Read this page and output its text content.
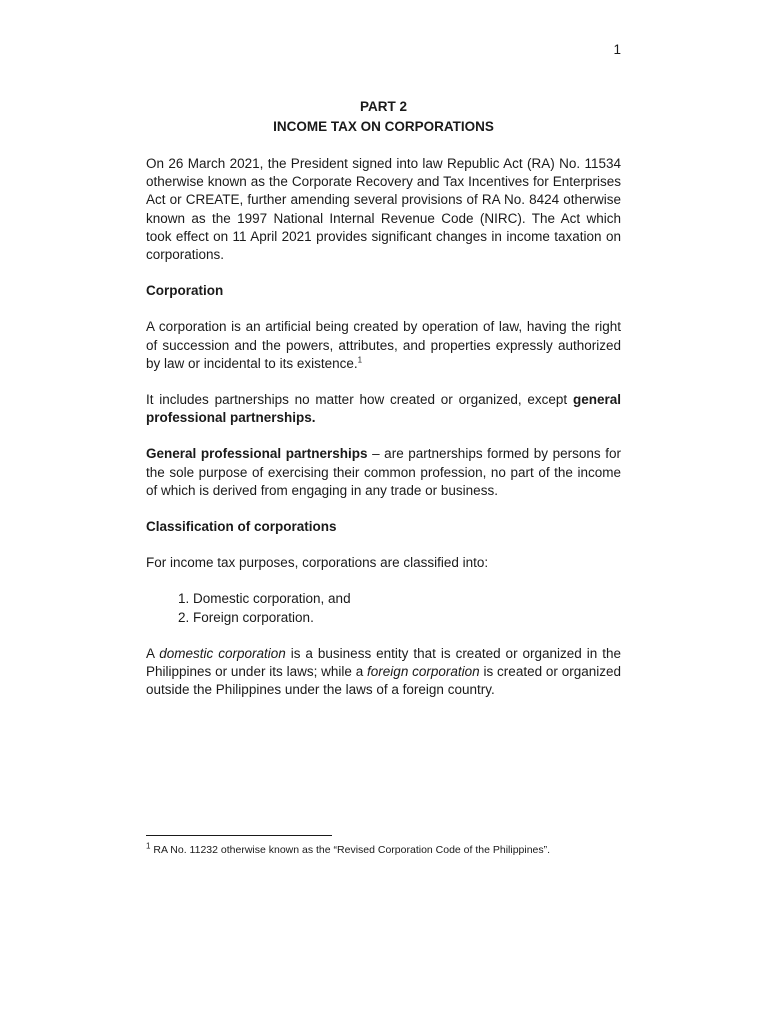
1
PART 2
INCOME TAX ON CORPORATIONS

On 26 March 2021, the President signed into law Republic Act (RA) No. 11534 otherwise known as the Corporate Recovery and Tax Incentives for Enterprises Act or CREATE, further amending several provisions of RA No. 8424 otherwise known as the 1997 National Internal Revenue Code (NIRC). The Act which took effect on 11 April 2021 provides significant changes in income taxation on corporations.

Corporation

A corporation is an artificial being created by operation of law, having the right of succession and the powers, attributes, and properties expressly authorized by law or incidental to its existence.$^1$

It includes partnerships no matter how created or organized, except general professional partnerships.

General professional partnerships – are partnerships formed by persons for the sole purpose of exercising their common profession, no part of the income of which is derived from engaging in any trade or business.

Classification of corporations

For income tax purposes, corporations are classified into:

1. Domestic corporation, and
2. Foreign corporation.

A domestic corporation is a business entity that is created or organized in the Philippines or under its laws; while a foreign corporation is created or organized outside the Philippines under the laws of a foreign country.

$^1$ RA No. 11232 otherwise known as the “Revised Corporation Code of the Philippines”.
